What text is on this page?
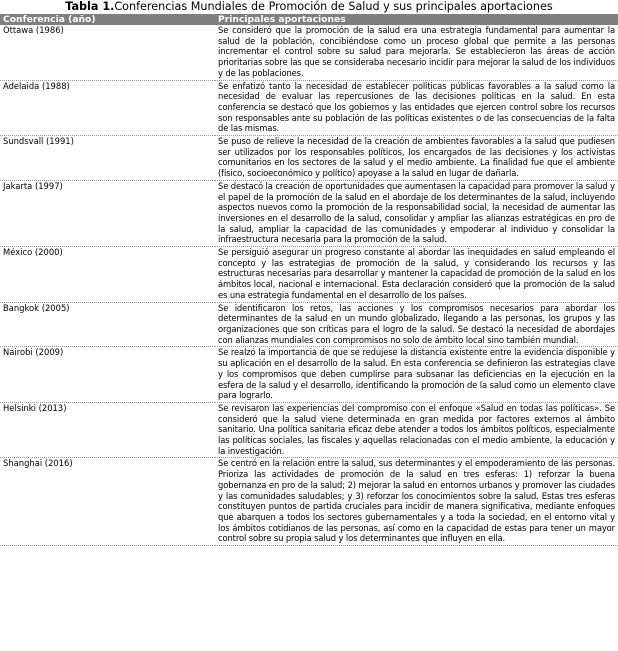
Tabla 1.Conferencias Mundiales de Promoción de Salud y sus principales aportaciones
Conferencia (año)	Principales aportaciones
Ottawa (1986)	Se consideró que la promoción de la salud era una estrategia fundamental para aumentar la salud de la población, concibiéndose como un proceso global que permite a las personas incrementar el control sobre su salud para mejorarla. Se establecieron las áreas de acción prioritarias sobre las que se consideraba necesario incidir para mejorar la salud de los individuos y de las poblaciones.
Adelaida (1988)	Se enfatizó tanto la necesidad de establecer políticas públicas favorables a la salud como la necesidad de evaluar las repercusiones de las decisiones políticas en la salud. En esta conferencia se destacó que los gobiernos y las entidades que ejercen control sobre los recursos son responsables ante su población de las políticas existentes o de las consecuencias de la falta de las mismas.
Sundsvall (1991)	Se puso de relieve la necesidad de la creación de ambientes favorables a la salud que pudiesen ser utilizados por los responsables políticos, los encargados de las decisiones y los activistas comunitarios en los sectores de la salud y el medio ambiente. La finalidad fue que el ambiente (físico, socioeconómico y político) apoyase a la salud en lugar de dañarla.
Jakarta (1997)	Se destacó la creación de oportunidades que aumentasen la capacidad para promover la salud y el papel de la promoción de la salud en el abordaje de los determinantes de la salud, incluyendo aspectos nuevos como la promoción de la responsabilidad social, la necesidad de aumentar las inversiones en el desarrollo de la salud, consolidar y ampliar las alianzas estratégicas en pro de la salud, ampliar la capacidad de las comunidades y empoderar al individuo y consolidar la infraestructura necesaria para la promoción de la salud.
México (2000)	Se persiguió asegurar un progreso constante al abordar las inequidades en salud empleando el concepto y las estrategias de promoción de la salud, y considerando los recursos y las estructuras necesarias para desarrollar y mantener la capacidad de promoción de la salud en los ámbitos local, nacional e internacional. Esta declaración consideró que la promoción de la salud es una estrategia fundamental en el desarrollo de los países.
Bangkok (2005)	Se identificaron los retos, las acciones y los compromisos necesarios para abordar los determinantes de la salud en un mundo globalizado, llegando a las personas, los grupos y las organizaciones que son críticas para el logro de la salud. Se destacó la necesidad de abordajes con alianzas mundiales con compromisos no solo de ámbito local sino también mundial.
Nairobi (2009)	Se realzó la importancia de que se redujese la distancia existente entre la evidencia disponible y su aplicación en el desarrollo de la salud. En esta conferencia se definieron las estrategias clave y los compromisos que deben cumplirse para subsanar las deficiencias en la ejecución en la esfera de la salud y el desarrollo, identificando la promoción de la salud como un elemento clave para lograrlo.
Helsinki (2013)	Se revisaron las experiencias del compromiso con el enfoque «Salud en todas las políticas». Se consideró que la salud viene determinada en gran medida por factores externos al ámbito sanitario. Una política sanitaria eficaz debe atender a todos los ámbitos políticos, especialmente las políticas sociales, las fiscales y aquellas relacionadas con el medio ambiente, la educación y la investigación.
Shanghai (2016)	Se centró en la relación entre la salud, sus determinantes y el empoderamiento de las personas. Prioriza las actividades de promoción de la salud en tres esferas: 1) reforzar la buena gobernanza en pro de la salud; 2) mejorar la salud en entornos urbanos y promover las ciudades y las comunidades saludables; y 3) reforzar los conocimientos sobre la salud. Estas tres esferas constituyen puntos de partida cruciales para incidir de manera significativa, mediante enfoques que abarquen a todos los sectores gubernamentales y a toda la sociedad, en el entorno vital y los ámbitos cotidianos de las personas, así como en la capacidad de estas para tener un mayor control sobre su propia salud y los determinantes que influyen en ella.
